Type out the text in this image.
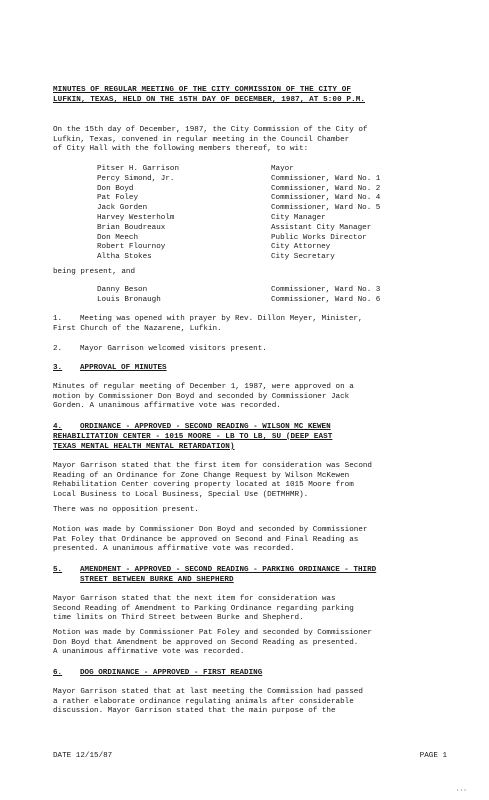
MINUTES OF REGULAR MEETING OF THE CITY COMMISSION OF THE CITY OF
LUFKIN, TEXAS, HELD ON THE 15TH DAY OF DECEMBER, 1987, AT 5:00 P.M.

On the 15th day of December, 1987, the City Commission of the City of

Lufkin, Texas, convened in regular meeting in the Council Chamber

of City Hall with the following members thereof, to wit:

Pitser H. Garrison	Mayor
Percy Simond, Jr.	Commissioner, Ward No. 1
Don Boyd	Commissioner, Ward No. 2
Pat Foley	Commissioner, Ward No. 4
Jack Gorden	Commissioner, Ward No. 5
Harvey Westerholm	City Manager
Brian Boudreaux	Assistant City Manager
Don Meech	Public Works Director
Robert Flournoy	City Attorney
Altha Stokes	City Secretary
being present, and
Danny Beson	Commissioner, Ward No. 3
Louis Bronaugh	Commissioner, Ward No. 6
1.	Meeting was opened with prayer by Rev. Dillon Meyer, Minister,
First Church of the Nazarene, Lufkin.
2.	Mayor Garrison welcomed visitors present.
3.	APPROVAL OF MINUTES

Minutes of regular meeting of December 1, 1987, were approved on a

motion by Commissioner Don Boyd and seconded by Commissioner Jack

Gorden. A unanimous affirmative vote was recorded.

4.	ORDINANCE - APPROVED - SECOND READING - WILSON MC KEWEN
REHABILITATION CENTER - 1015 MOORE - LB TO LB, SU (DEEP EAST
TEXAS MENTAL HEALTH MENTAL RETARDATION)

Mayor Garrison stated that the first item for consideration was Second

Reading of an Ordinance for Zone Change Request by Wilson McKewen

Rehabilitation Center covering property located at 1015 Moore from

Local Business to Local Business, Special Use (DETMHMR).

There was no opposition present.

Motion was made by Commissioner Don Boyd and seconded by Commissioner

Pat Foley that Ordinance be approved on Second and Final Reading as

presented. A unanimous affirmative vote was recorded.

5.	AMENDMENT - APPROVED - SECOND READING - PARKING ORDINANCE - THIRD
STREET BETWEEN BURKE AND SHEPHERD

Mayor Garrison stated that the next item for consideration was

Second Reading of Amendment to Parking Ordinance regarding parking

time limits on Third Street between Burke and Shepherd.

Motion was made by Commissioner Pat Foley and seconded by Commissioner

Don Boyd that Amendment be approved on Second Reading as presented.

A unanimous affirmative vote was recorded.

6.	DOG ORDINANCE - APPROVED - FIRST READING

Mayor Garrison stated that at last meeting the Commission had passed

a rather elaborate ordinance regulating animals after considerable

discussion. Mayor Garrison stated that the main purpose of the

DATE 12/15/87	PAGE 1
···
